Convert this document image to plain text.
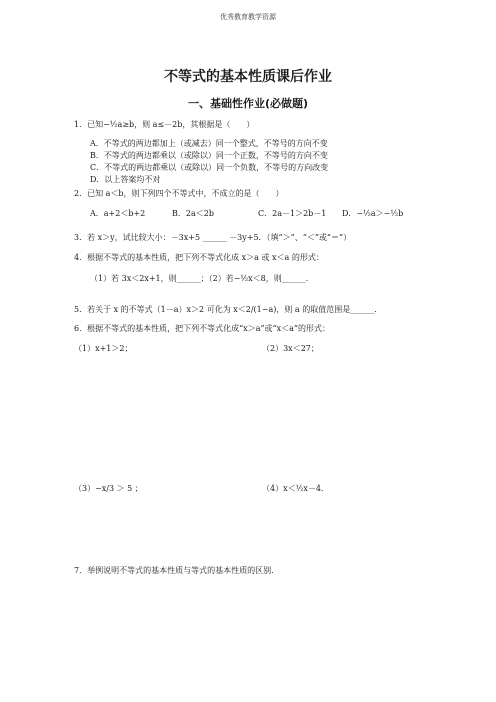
优秀教育教学资源
不等式的基本性质课后作业
一、基础性作业(必做题)
1．已知−½a≥b，则 a≤－2b，其根据是（　　）
A．不等式的两边都加上（或减去）同一个整式，不等号的方向不变
B．不等式的两边都乘以（或除以）同一个正数，不等号的方向不变
C．不等式的两边都乘以（或除以）同一个负数，不等号的方向改变
D．以上答案均不对
2．已知 a＜b，则下列四个不等式中，不成立的是（　　）
A．a+2＜b+2	B．2a＜2b	C．2a－1＞2b－1 D．−½a＞−½b
3．若 x＞y，试比较大小：－3x+5 ______ －3y+5．（填“＞”、“＜”或“＝”）
4．根据不等式的基本性质，把下列不等式化成 x＞a 或 x＜a 的形式：
（1）若 3x＜2x+1，则______；（2）若−½x＜8，则______．
5．若关于 x 的不等式（1－a）x＞2 可化为 x＜2/(1−a)，则 a 的取值范围是______．
6．根据不等式的基本性质，把下列不等式化成“x＞a”或“x＜a”的形式：
（1）x+1＞2；	（2）3x＜27；
（3）−x/3 ＞ 5 ；	（4）x＜½x－4．
7．举例说明不等式的基本性质与等式的基本性质的区别.
